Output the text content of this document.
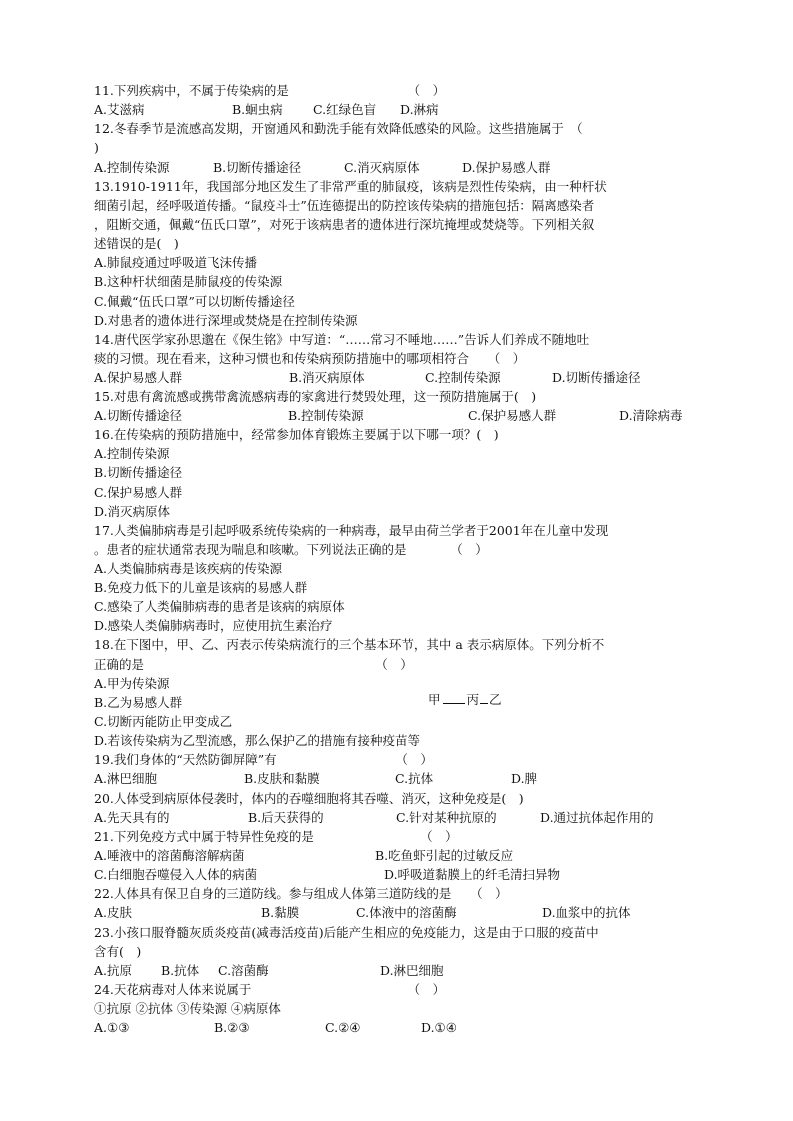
11.下列疾病中，不属于传染病的是　　　　　　　　　　（　）
A.艾滋病	B.蛔虫病 C.红绿色盲 D.淋病
12.冬春季节是流感高发期，开窗通风和勤洗手能有效降低感染的风险。这些措施属于　（
)
A.控制传染源	B.切断传播途径	C.消灭病原体	D.保护易感人群
13.1910-1911年，我国部分地区发生了非常严重的肺鼠疫，该病是烈性传染病，由一种杆状
细菌引起，经呼吸道传播。“鼠疫斗士”伍连德提出的防控该传染病的措施包括：隔离感染者
，阻断交通，佩戴“伍氏口罩”，对死于该病患者的遗体进行深坑掩埋或焚烧等。下列相关叙
述错误的是(　)
A.肺鼠疫通过呼吸道飞沫传播
B.这种杆状细菌是肺鼠疫的传染源
C.佩戴“伍氏口罩”可以切断传播途径
D.对患者的遗体进行深埋或焚烧是在控制传染源
14.唐代医学家孙思邈在《保生铭》中写道：“……常习不唾地……”告诉人们养成不随地吐
痰的习惯。现在看来，这种习惯也和传染病预防措施中的哪项相符合　　（　）
A.保护易感人群	B.消灭病原体	C.控制传染源	D.切断传播途径
15.对患有禽流感或携带禽流感病毒的家禽进行焚毁处理，这一预防措施属于(　)
A.切断传播途径	B.控制传染源	C.保护易感人群	D.清除病毒
16.在传染病的预防措施中，经常参加体育锻炼主要属于以下哪一项？(　)
A.控制传染源
B.切断传播途径
C.保护易感人群
D.消灭病原体
17.人类偏肺病毒是引起呼吸系统传染病的一种病毒，最早由荷兰学者于2001年在儿童中发现
。患者的症状通常表现为喘息和咳嗽。下列说法正确的是　　　　（　）
A.人类偏肺病毒是该疾病的传染源
B.免疫力低下的儿童是该病的易感人群
C.感染了人类偏肺病毒的患者是该病的病原体
D.感染人类偏肺病毒时，应使用抗生素治疗
18.在下图中，甲、乙、丙表示传染病流行的三个基本环节，其中 a 表示病原体。下列分析不
正确的是　　　　　　　　　　　　　　　　　　　（　）
A.甲为传染源
B.乙为易感人群
C.切断丙能防止甲变成乙
D.若该传染病为乙型流感，那么保护乙的措施有接种疫苗等
19.我们身体的“天然防御屏障”有　　　　　　　　　　（　）
A.淋巴细胞	B.皮肤和黏膜	C.抗体	D.脾
20.人体受到病原体侵袭时，体内的吞噬细胞将其吞噬、消灭，这种免疫是(　)
A.先天具有的	B.后天获得的	C.针对某种抗原的	D.通过抗体起作用的
21.下列免疫方式中属于特异性免疫的是　　　　　　　　　（　）
A.唾液中的溶菌酶溶解病菌	B.吃鱼虾引起的过敏反应
C.白细胞吞噬侵入人体的病菌	D.呼吸道黏膜上的纤毛清扫异物
22.人体具有保卫自身的三道防线。参与组成人体第三道防线的是　　（　）
A.皮肤	B.黏膜	C.体液中的溶菌酶	D.血浆中的抗体
23.小孩口服脊髓灰质炎疫苗(减毒活疫苗)后能产生相应的免疫能力，这是由于口服的疫苗中
含有(　)
A.抗原 B.抗体 C.溶菌酶	D.淋巴细胞
24.天花病毒对人体来说属于　　　　　　　　　　　　　（　）
①抗原 ②抗体 ③传染源 ④病原体
A.①③	B.②③	C.②④	D.①④
甲 丙 乙
